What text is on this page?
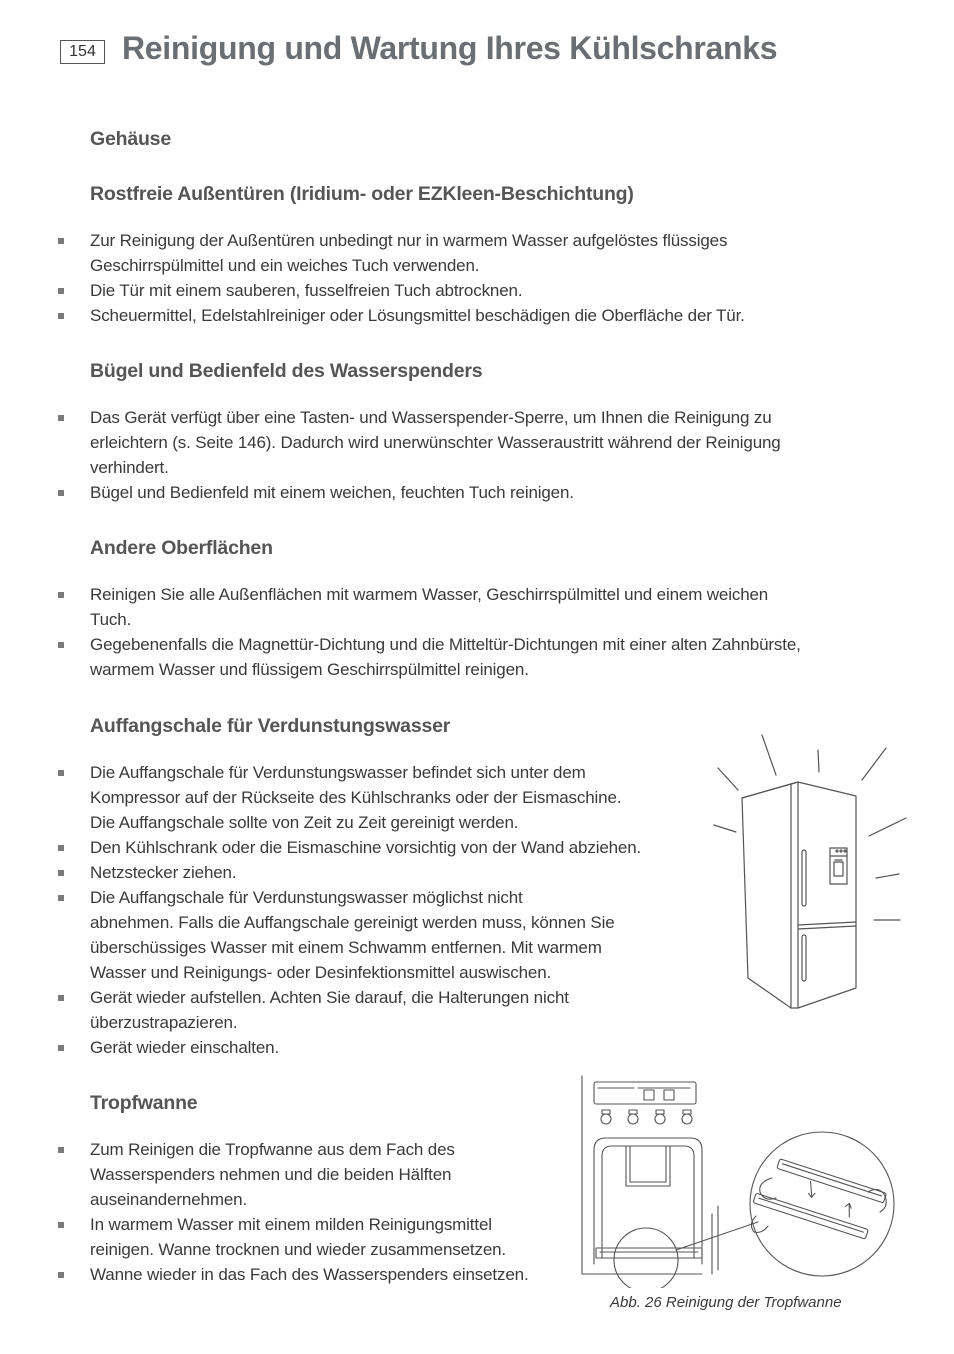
154 Reinigung und Wartung Ihres Kühlschranks
Gehäuse
Rostfreie Außentüren (Iridium- oder EZKleen-Beschichtung)
Zur Reinigung der Außentüren unbedingt nur in warmem Wasser aufgelöstes flüssiges
Geschirrspülmittel und ein weiches Tuch verwenden.
Die Tür mit einem sauberen, fusselfreien Tuch abtrocknen.
Scheuermittel, Edelstahlreiniger oder Lösungsmittel beschädigen die Oberfläche der Tür.
Bügel und Bedienfeld des Wasserspenders
Das Gerät verfügt über eine Tasten- und Wasserspender-Sperre, um Ihnen die Reinigung zu
erleichtern (s. Seite 146). Dadurch wird unerwünschter Wasseraustritt während der Reinigung
verhindert.
Bügel und Bedienfeld mit einem weichen, feuchten Tuch reinigen.
Andere Oberflächen
Reinigen Sie alle Außenflächen mit warmem Wasser, Geschirrspülmittel und einem weichen
Tuch.
Gegebenenfalls die Magnettür-Dichtung und die Mitteltür-Dichtungen mit einer alten Zahnbürste,
warmem Wasser und flüssigem Geschirrspülmittel reinigen.
Auffangschale für Verdunstungswasser
Die Auffangschale für Verdunstungswasser befindet sich unter dem
Kompressor auf der Rückseite des Kühlschranks oder der Eismaschine.
Die Auffangschale sollte von Zeit zu Zeit gereinigt werden.
Den Kühlschrank oder die Eismaschine vorsichtig von der Wand abziehen.
Netzstecker ziehen.
Die Auffangschale für Verdunstungswasser möglichst nicht
abnehmen. Falls die Auffangschale gereinigt werden muss, können Sie
überschüssiges Wasser mit einem Schwamm entfernen. Mit warmem
Wasser und Reinigungs- oder Desinfektionsmittel auswischen.
Gerät wieder aufstellen. Achten Sie darauf, die Halterungen nicht
überzustrapazieren.
Gerät wieder einschalten.
Tropfwanne
Zum Reinigen die Tropfwanne aus dem Fach des
Wasserspenders nehmen und die beiden Hälften
auseinandernehmen.
In warmem Wasser mit einem milden Reinigungsmittel
reinigen. Wanne trocknen und wieder zusammensetzen.
Wanne wieder in das Fach des Wasserspenders einsetzen.

Abb. 26 Reinigung der Tropfwanne
